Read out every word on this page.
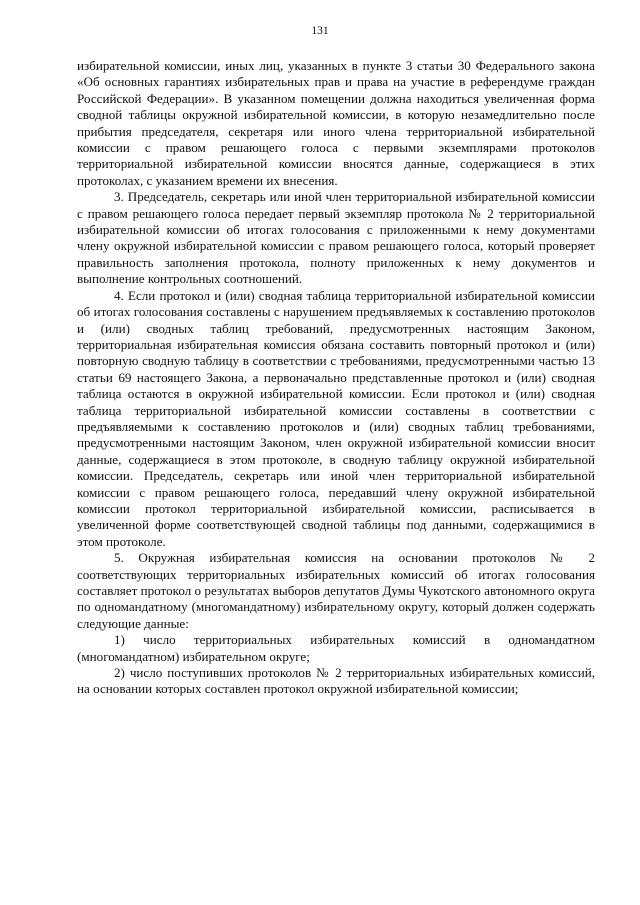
131

избирательной комиссии, иных лиц, указанных в пункте 3 статьи 30 Федерального закона «Об основных гарантиях избирательных прав и права на участие в референдуме граждан Российской Федерации». В указанном помещении должна находиться увеличенная форма сводной таблицы окружной избирательной комиссии, в которую незамедлительно после прибытия председателя, секретаря или иного члена территориальной избирательной комиссии с правом решающего голоса с первыми экземплярами протоколов территориальной избирательной комиссии вносятся данные, содержащиеся в этих протоколах, с указанием времени их внесения.

3. Председатель, секретарь или иной член территориальной избирательной комиссии с правом решающего голоса передает первый экземпляр протокола № 2 территориальной избирательной комиссии об итогах голосования с приложенными к нему документами члену окружной избирательной комиссии с правом решающего голоса, который проверяет правильность заполнения протокола, полноту приложенных к нему документов и выполнение контрольных соотношений.

4. Если протокол и (или) сводная таблица территориальной избирательной комиссии об итогах голосования составлены с нарушением предъявляемых к составлению протоколов и (или) сводных таблиц требований, предусмотренных настоящим Законом, территориальная избирательная комиссия обязана составить повторный протокол и (или) повторную сводную таблицу в соответствии с требованиями, предусмотренными частью 13 статьи 69 настоящего Закона, а первоначально представленные протокол и (или) сводная таблица остаются в окружной избирательной комиссии. Если протокол и (или) сводная таблица территориальной избирательной комиссии составлены в соответствии с предъявляемыми к составлению протоколов и (или) сводных таблиц требованиями, предусмотренными настоящим Законом, член окружной избирательной комиссии вносит данные, содержащиеся в этом протоколе, в сводную таблицу окружной избирательной комиссии. Председатель, секретарь или иной член территориальной избирательной комиссии с правом решающего голоса, передавший члену окружной избирательной комиссии протокол территориальной избирательной комиссии, расписывается в увеличенной форме соответствующей сводной таблицы под данными, содержащимися в этом протоколе.

5. Окружная избирательная комиссия на основании протоколов № 2 соответствующих территориальных избирательных комиссий об итогах голосования составляет протокол о результатах выборов депутатов Думы Чукотского автономного округа по одномандатному (многомандатному) избирательному округу, который должен содержать следующие данные:

1) число территориальных избирательных комиссий в одномандатном (многомандатном) избирательном округе;

2) число поступивших протоколов № 2 территориальных избирательных комиссий, на основании которых составлен протокол окружной избирательной комиссии;
